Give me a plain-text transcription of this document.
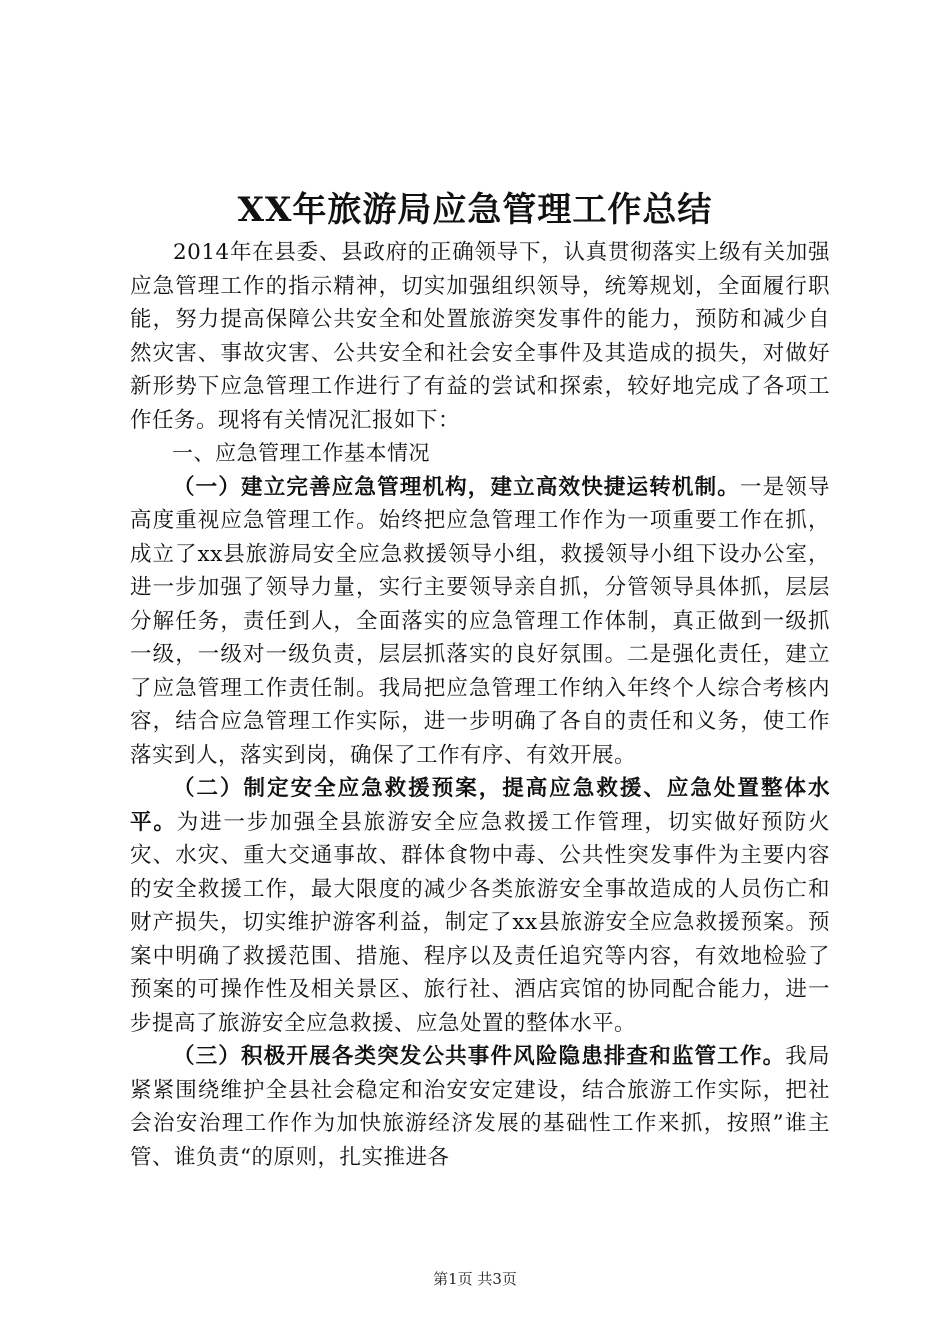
XX年旅游局应急管理工作总结

2014年在县委、县政府的正确领导下，认真贯彻落实上级有关加强应急管理工作的指示精神，切实加强组织领导，统筹规划，全面履行职能，努力提高保障公共安全和处置旅游突发事件的能力，预防和减少自然灾害、事故灾害、公共安全和社会安全事件及其造成的损失，对做好新形势下应急管理工作进行了有益的尝试和探索，较好地完成了各项工作任务。现将有关情况汇报如下：

一、应急管理工作基本情况

（一）建立完善应急管理机构，建立高效快捷运转机制。一是领导高度重视应急管理工作。始终把应急管理工作作为一项重要工作在抓，成立了xx县旅游局安全应急救援领导小组，救援领导小组下设办公室，进一步加强了领导力量，实行主要领导亲自抓，分管领导具体抓，层层分解任务，责任到人，全面落实的应急管理工作体制，真正做到一级抓一级，一级对一级负责，层层抓落实的良好氛围。二是强化责任，建立了应急管理工作责任制。我局把应急管理工作纳入年终个人综合考核内容，结合应急管理工作实际，进一步明确了各自的责任和义务，使工作落实到人，落实到岗，确保了工作有序、有效开展。

（二）制定安全应急救援预案，提高应急救援、应急处置整体水平。为进一步加强全县旅游安全应急救援工作管理，切实做好预防火灾、水灾、重大交通事故、群体食物中毒、公共性突发事件为主要内容的安全救援工作，最大限度的减少各类旅游安全事故造成的人员伤亡和财产损失，切实维护游客利益，制定了xx县旅游安全应急救援预案。预案中明确了救援范围、措施、程序以及责任追究等内容，有效地检验了预案的可操作性及相关景区、旅行社、酒店宾馆的协同配合能力，进一步提高了旅游安全应急救援、应急处置的整体水平。

（三）积极开展各类突发公共事件风险隐患排查和监管工作。我局紧紧围绕维护全县社会稳定和治安安定建设，结合旅游工作实际，把社会治安治理工作作为加快旅游经济发展的基础性工作来抓，按照”谁主管、谁负责“的原则，扎实推进各

第1页 共3页
